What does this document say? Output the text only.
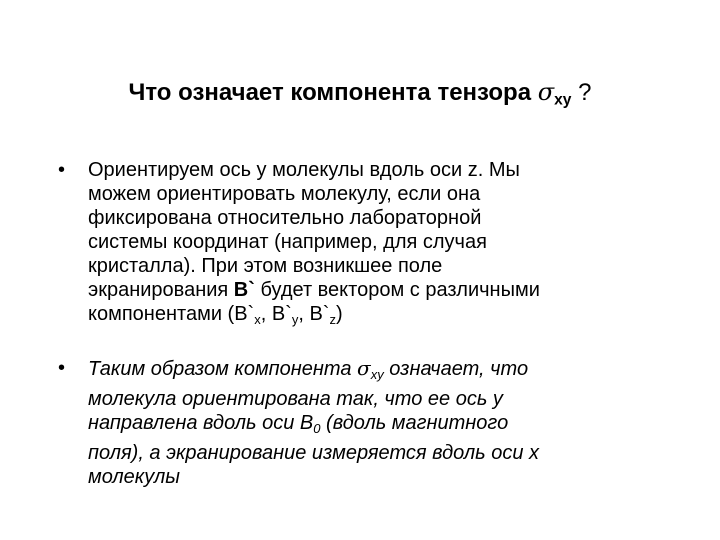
Что означает компонента тензора $\sigma_{xy}$ ?
• Ориентируем ось y молекулы вдоль оси z. Мы
можем ориентировать молекулу, если она
фиксирована относительно лабораторной
системы координат (например, для случая
кристалла). При этом возникшее поле
экранирования B` будет вектором с различными
компонентами ($B`_x$, $B`_y$, $B`_z$)
• Таким образом компонента $\sigma_{xy}$ означает, что
молекула ориентирована так, что ее ось y
направлена вдоль оси $B_0$ (вдоль магнитного
поля), а экранирование измеряется вдоль оси x
молекулы
